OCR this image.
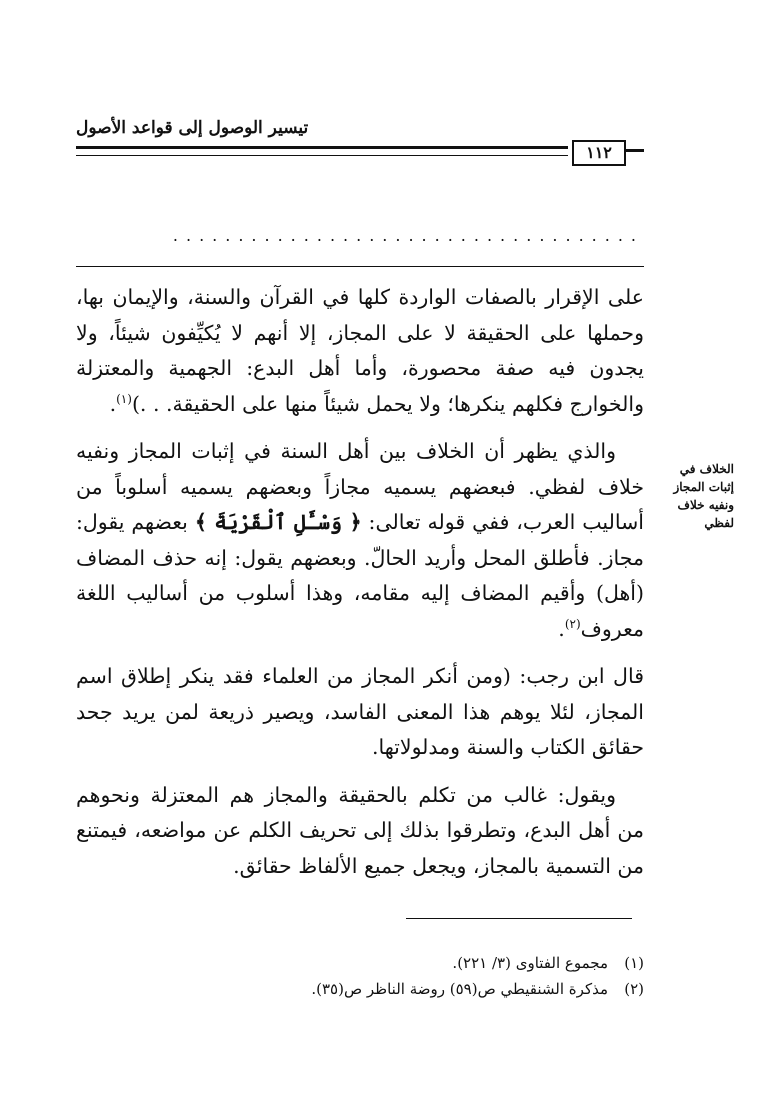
تيسير الوصول إلى قواعد الأصول
١١٢
....................................

على الإقرار بالصفات الواردة كلها في القرآن والسنة، والإيمان بها، وحملها على الحقيقة لا على المجاز، إلا أنهم لا يُكيِّفون شيئاً، ولا يجدون فيه صفة محصورة، وأما أهل البدع: الجهمية والمعتزلة والخوارج فكلهم ينكرها؛ ولا يحمل شيئاً منها على الحقيقة. . .)$^{(١)}$.

والذي يظهر أن الخلاف بين أهل السنة في إثبات المجاز ونفيه خلاف لفظي. فبعضهم يسميه مجازاً وبعضهم يسميه أسلوباً من أساليب العرب، ففي قوله تعالى: ﴿ وَسْـَٔلِ ٱلْقَرْيَةَ ﴾ بعضهم يقول: مجاز. فأطلق المحل وأريد الحالّ. وبعضهم يقول: إنه حذف المضاف (أهل) وأقيم المضاف إليه مقامه، وهذا أسلوب من أساليب اللغة معروف$^{(٢)}$.

قال ابن رجب: (ومن أنكر المجاز من العلماء فقد ينكر إطلاق اسم المجاز، لئلا يوهم هذا المعنى الفاسد، ويصير ذريعة لمن يريد جحد حقائق الكتاب والسنة ومدلولاتها.

ويقول: غالب من تكلم بالحقيقة والمجاز هم المعتزلة ونحوهم من أهل البدع، وتطرقوا بذلك إلى تحريف الكلم عن مواضعه، فيمتنع من التسمية بالمجاز، ويجعل جميع الألفاظ حقائق.

الخلاف في
إثبات المجاز
ونفيه خلاف
لفظي
(١)مجموع الفتاوى (٣/ ٢٢١).
(٢)مذكرة الشنقيطي ص(٥٩) روضة الناظر ص(٣٥).
